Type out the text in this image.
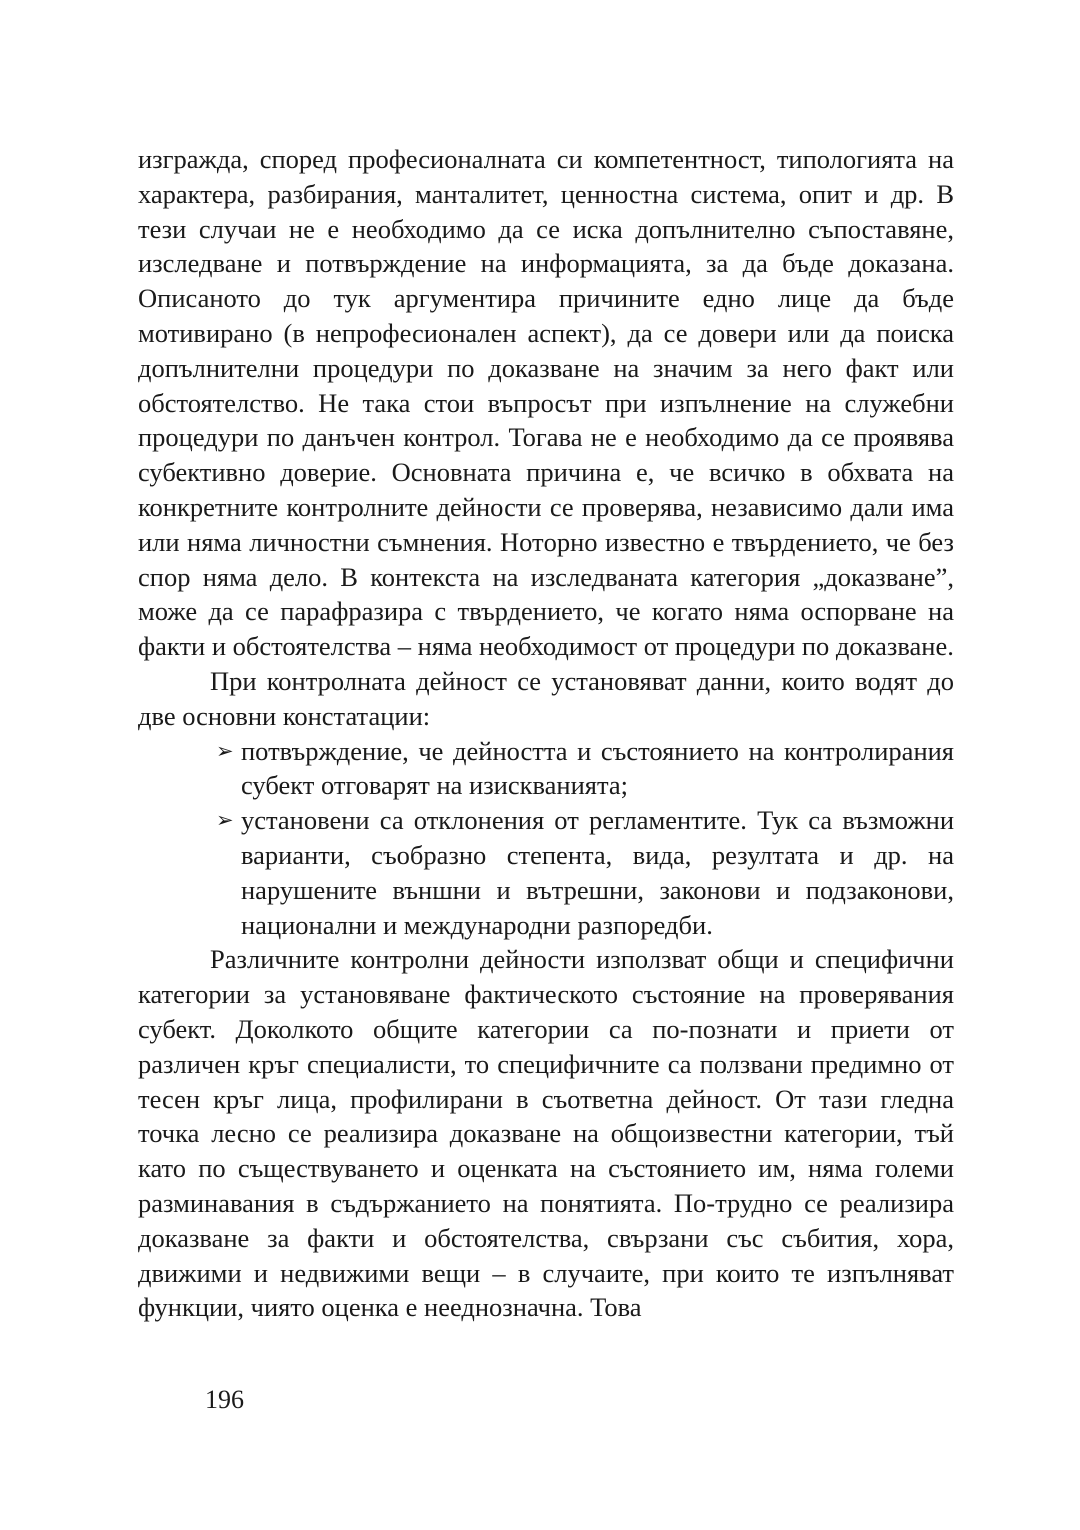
изгражда, според професионалната си компетентност, типологията на характера, разбирания, манталитет, ценностна система, опит и др. В тези случаи не е необходимо да се иска допълнително съпоставяне, изследване и потвърждение на информацията, за да бъде доказана. Описаното до тук аргументира причините едно лице да бъде мотивирано (в непрофесионален аспект), да се довери или да поиска допълнителни процедури по доказване на значим за него факт или обстоятелство. Не така стои въпросът при изпълнение на служебни процедури по данъчен контрол. Тогава не е необходимо да се проявява субективно доверие. Основната причина е, че всичко в обхвата на конкретните контролните дейности се проверява, независимо дали има или няма личностни съмнения. Нотoрно известно е твърдението, че без спор няма дело. В контекста на изследваната категория „доказване”, може да се парафразира с твърдението, че когато няма оспорване на факти и обстоятелства – няма необходимост от процедури по доказване.

При контролната дейност се установяват данни, които водят до две основни констатации:

➢ потвърждение, че дейността и състоянието на контролирания субект отговарят на изискванията;
➢ установени са отклонения от регламентите. Тук са възможни варианти, съобразно степента, вида, резултата и др. на нарушените външни и вътрешни, законови и подзаконови, национални и международни разпоредби.

Различните контролни дейности използват общи и специфични категории за установяване фактическото състояние на проверявания субект. Доколкото общите категории са по-познати и приети от различен кръг специалисти, то специфичните са ползвани предимно от тесен кръг лица, профилирани в съответна дейност. От тази гледна точка лесно се реализира доказване на общоизвестни категории, тъй като по съществуването и оценката на състоянието им, няма големи разминавания в съдържанието на понятията. По-трудно се реализира доказване за факти и обстоятелства, свързани със събития, хора, движими и недвижими вещи – в случаите, при които те изпълняват функции, чиято оценка е нееднозначна. Това

196
